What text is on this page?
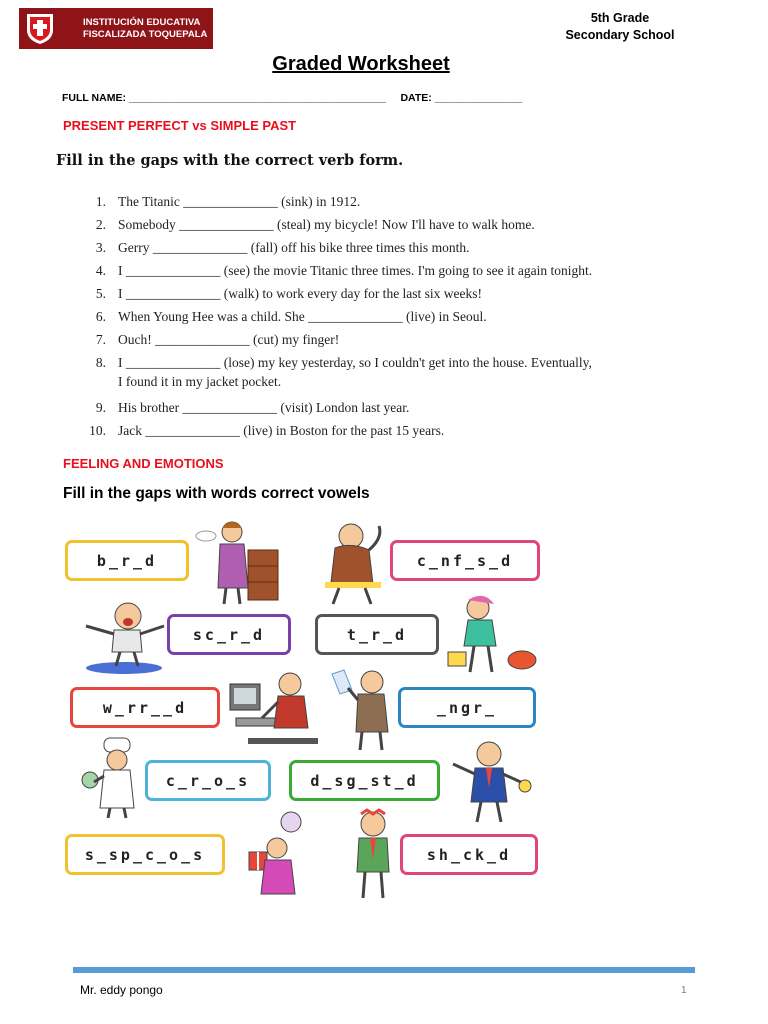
INSTITUCIÓN EDUCATIVA
FISCALIZADA TOQUEPALA
5th Grade
Secondary School
Graded Worksheet
FULL NAME: ____________________________________________ DATE: _______________
PRESENT PERFECT vs SIMPLE PAST
Fill in the gaps with the correct verb form.
1. The Titanic ______________ (sink) in 1912.
2. Somebody ______________ (steal) my bicycle! Now I'll have to walk home.
3. Gerry ______________ (fall) off his bike three times this month.
4. I ______________ (see) the movie Titanic three times. I'm going to see it again tonight.
5. I ______________ (walk) to work every day for the last six weeks!
6. When Young Hee was a child. She ______________ (live) in Seoul.
7. Ouch! ______________ (cut) my finger!
8. I ______________ (lose) my key yesterday, so I couldn't get into the house. Eventually,
I found it in my jacket pocket.
9. His brother ______________ (visit) London last year.
10. Jack ______________ (live) in Boston for the past 15 years.
FEELING AND EMOTIONS
Fill in the gaps with words correct vowels
b_r_d	c_nf_s_d
sc_r_d	t_r_d
w_rr__d	_ngr_
c_r_o_s	d_sg_st_d
s_sp_c_o_s	sh_ck_d
Mr. eddy pongo	1
